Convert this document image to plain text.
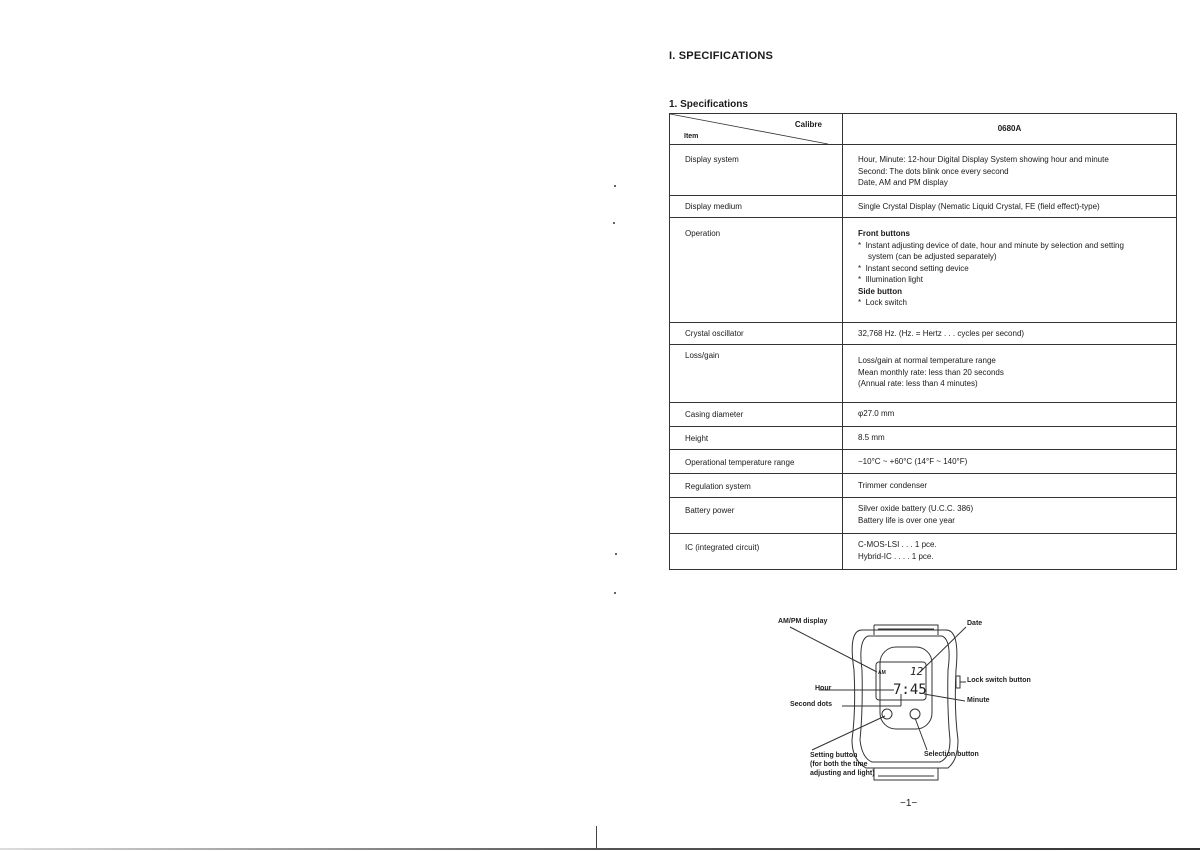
I. SPECIFICATIONS
1. Specifications
Calibre
Item	0680A
Display system	Hour, Minute: 12-hour Digital Display System showing hour and minute
Second: The dots blink once every second
Date, AM and PM display

Display medium	Single Crystal Display (Nematic Liquid Crystal, FE (field effect)-type)
Operation	Front buttons
*  Instant adjusting device of date, hour and minute by selection and setting system (can be adjusted separately)
*  Instant second setting device
*  Illumination light
Side button
*  Lock switch

Crystal oscillator	32,768 Hz. (Hz. = Hertz . . . cycles per second)
Loss/gain	Loss/gain at normal temperature range
Mean monthly rate: less than 20 seconds
(Annual rate: less than 4 minutes)

Casing diameter	φ27.0 mm
Height	8.5 mm
Operational temperature range	−10°C ~ +60°C (14°F ~ 140°F)
Regulation system	Trimmer condenser
Battery power	Silver oxide battery (U.C.C. 386)
Battery life is over one year

IC (integrated circuit)	C-MOS-LSI . . . 1 pce.
Hybrid-IC . . . . 1 pce.
AM 12
7:45
AM/PM display	Date
Lock switch button
Hour
Minute
Second dots
Setting button
(for both the time
adjusting and light)
Selection button
−1−
